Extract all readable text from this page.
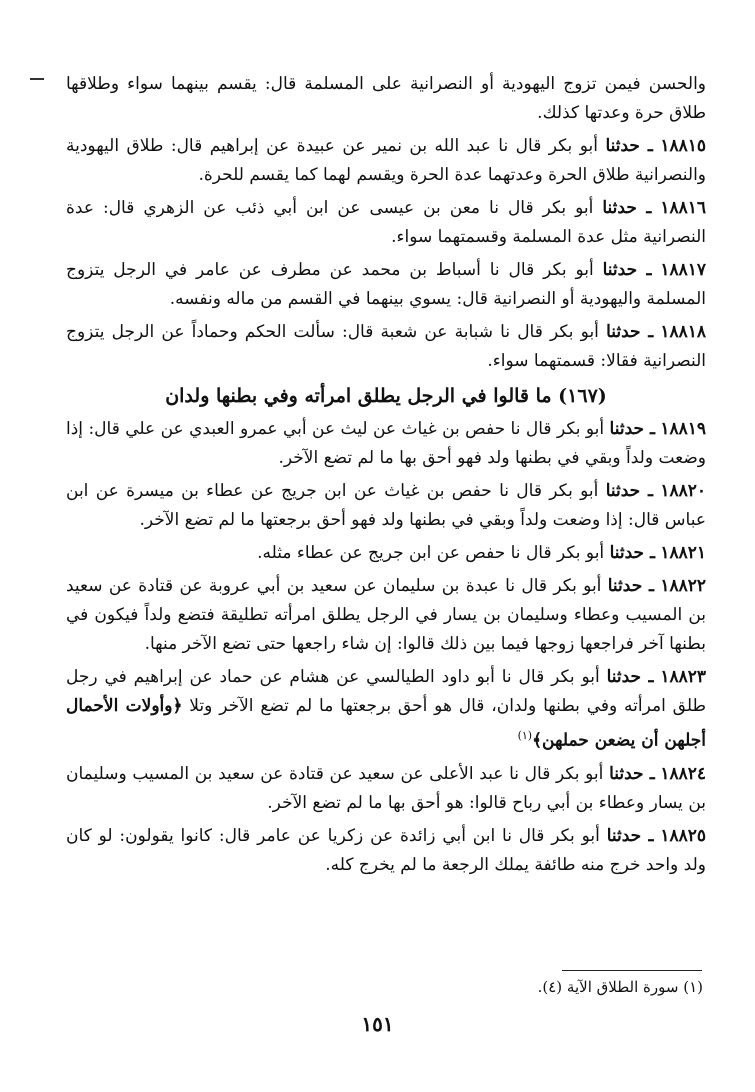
والحسن فيمن تزوج اليهودية أو النصرانية على المسلمة قال: يقسم بينهما سواء وطلاقها طلاق حرة وعدتها كذلك.

١٨٨١٥ ـ حدثنا أبو بكر قال نا عبد الله بن نمير عن عبيدة عن إبراهيم قال: طلاق اليهودية والنصرانية طلاق الحرة وعدتهما عدة الحرة ويقسم لهما كما يقسم للحرة.

١٨٨١٦ ـ حدثنا أبو بكر قال نا معن بن عيسى عن ابن أبي ذئب عن الزهري قال: عدة النصرانية مثل عدة المسلمة وقسمتهما سواء.

١٨٨١٧ ـ حدثنا أبو بكر قال نا أسباط بن محمد عن مطرف عن عامر في الرجل يتزوج المسلمة واليهودية أو النصرانية قال: يسوي بينهما في القسم من ماله ونفسه.

١٨٨١٨ ـ حدثنا أبو بكر قال نا شبابة عن شعبة قال: سألت الحكم وحماداً عن الرجل يتزوج النصرانية فقالا: قسمتهما سواء.

(١٦٧) ما قالوا في الرجل يطلق امرأته وفي بطنها ولدان

١٨٨١٩ ـ حدثنا أبو بكر قال نا حفص بن غياث عن ليث عن أبي عمرو العبدي عن علي قال: إذا وضعت ولداً وبقي في بطنها ولد فهو أحق بها ما لم تضع الآخر.

١٨٨٢٠ ـ حدثنا أبو بكر قال نا حفص بن غياث عن ابن جريج عن عطاء بن ميسرة عن ابن عباس قال: إذا وضعت ولداً وبقي في بطنها ولد فهو أحق برجعتها ما لم تضع الآخر.

١٨٨٢١ ـ حدثنا أبو بكر قال نا حفص عن ابن جريج عن عطاء مثله.

١٨٨٢٢ ـ حدثنا أبو بكر قال نا عبدة بن سليمان عن سعيد بن أبي عروبة عن قتادة عن سعيد بن المسيب وعطاء وسليمان بن يسار في الرجل يطلق امرأته تطليقة فتضع ولداً فيكون في بطنها آخر فراجعها زوجها فيما بين ذلك قالوا: إن شاء راجعها حتى تضع الآخر منها.

١٨٨٢٣ ـ حدثنا أبو بكر قال نا أبو داود الطيالسي عن هشام عن حماد عن إبراهيم في رجل طلق امرأته وفي بطنها ولدان، قال هو أحق برجعتها ما لم تضع الآخر وتلا ﴿وأولات الأحمال أجلهن أن يضعن حملهن﴾$^{(١)}$

١٨٨٢٤ ـ حدثنا أبو بكر قال نا عبد الأعلى عن سعيد عن قتادة عن سعيد بن المسيب وسليمان بن يسار وعطاء بن أبي رباح قالوا: هو أحق بها ما لم تضع الآخر.

١٨٨٢٥ ـ حدثنا أبو بكر قال نا ابن أبي زائدة عن زكريا عن عامر قال: كانوا يقولون: لو كان ولد واحد خرج منه طائفة يملك الرجعة ما لم يخرج كله.

(١) سورة الطلاق الآية (٤).
١٥١
